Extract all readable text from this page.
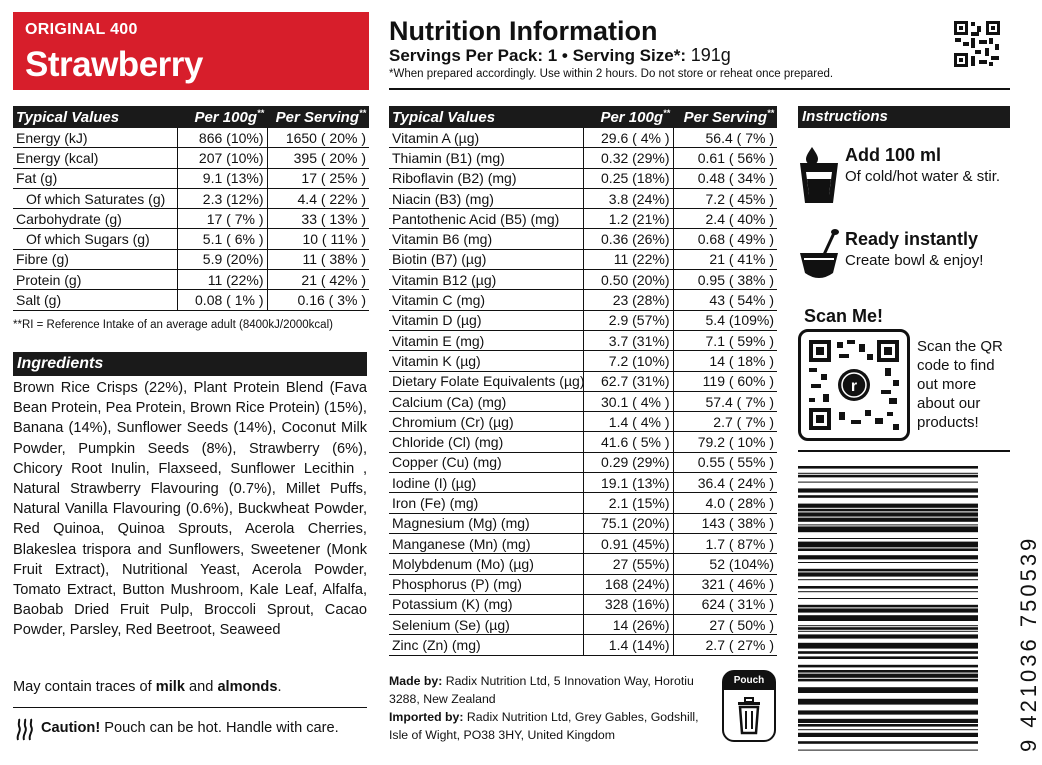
ORIGINAL 400
Strawberry
Nutrition Information
Servings Per Pack: 1 • Serving Size*: 191g
*When prepared accordingly. Use within 2 hours. Do not store or reheat once prepared.
Typical Values	Per 100g**	Per Serving**
Energy (kJ)	866 (10%)	1650 ( 20% )
Energy (kcal)	207 (10%)	395 ( 20% )
Fat (g)	9.1 (13%)	17 ( 25% )
Of which Saturates (g)	2.3 (12%)	4.4 ( 22% )
Carbohydrate (g)	17 ( 7% )	33 ( 13% )
Of which Sugars (g)	5.1 ( 6% )	10 ( 11% )
Fibre (g)	5.9 (20%)	11 ( 38% )
Protein (g)	11 (22%)	21 ( 42% )
Salt (g)	0.08 ( 1% )	0.16 ( 3% )
**RI = Reference Intake of an average adult (8400kJ/2000kcal)
Ingredients
Brown Rice Crisps (22%), Plant Protein Blend (Fava Bean Protein, Pea Protein, Brown Rice Protein) (15%), Banana (14%), Sunflower Seeds (14%), Coconut Milk Powder, Pumpkin Seeds (8%), Strawberry (6%), Chicory Root Inulin, Flaxseed, Sunflower Lecithin , Natural Strawberry Flavouring (0.7%), Millet Puffs, Natural Vanilla Flavouring (0.6%), Buckwheat Powder, Red Quinoa, Quinoa Sprouts, Acerola Cherries, Blakeslea trispora and Sunflowers, Sweetener (Monk Fruit Extract), Nutritional Yeast, Acerola Powder, Tomato Extract, Button Mushroom, Kale Leaf, Alfalfa, Baobab Dried Fruit Pulp, Broccoli Sprout, Cacao Powder, Parsley, Red Beetroot, Seaweed
May contain traces of milk and almonds.
Caution! Pouch can be hot. Handle with care.
Typical Values	Per 100g**	Per Serving**
Vitamin A (µg)	29.6 ( 4% )	56.4 ( 7% )
Thiamin (B1) (mg)	0.32 (29%)	0.61 ( 56% )
Riboflavin (B2) (mg)	0.25 (18%)	0.48 ( 34% )
Niacin (B3) (mg)	3.8 (24%)	7.2 ( 45% )
Pantothenic Acid (B5) (mg)	1.2 (21%)	2.4 ( 40% )
Vitamin B6 (mg)	0.36 (26%)	0.68 ( 49% )
Biotin (B7) (µg)	11 (22%)	21 ( 41% )
Vitamin B12 (µg)	0.50 (20%)	0.95 ( 38% )
Vitamin C (mg)	23 (28%)	43 ( 54% )
Vitamin D (µg)	2.9 (57%)	5.4 (109%)
Vitamin E (mg)	3.7 (31%)	7.1 ( 59% )
Vitamin K (µg)	7.2 (10%)	14 ( 18% )
Dietary Folate Equivalents (µg)	62.7 (31%)	119 ( 60% )
Calcium (Ca) (mg)	30.1 ( 4% )	57.4 ( 7% )
Chromium (Cr) (µg)	1.4 ( 4% )	2.7 ( 7% )
Chloride (Cl) (mg)	41.6 ( 5% )	79.2 ( 10% )
Copper (Cu) (mg)	0.29 (29%)	0.55 ( 55% )
Iodine (I) (µg)	19.1 (13%)	36.4 ( 24% )
Iron (Fe) (mg)	2.1 (15%)	4.0 ( 28% )
Magnesium (Mg) (mg)	75.1 (20%)	143 ( 38% )
Manganese (Mn) (mg)	0.91 (45%)	1.7 ( 87% )
Molybdenum (Mo) (µg)	27 (55%)	52 (104%)
Phosphorus (P) (mg)	168 (24%)	321 ( 46% )
Potassium (K) (mg)	328 (16%)	624 ( 31% )
Selenium (Se) (µg)	14 (26%)	27 ( 50% )
Zinc (Zn) (mg)	1.4 (14%)	2.7 ( 27% )
Made by: Radix Nutrition Ltd, 5 Innovation Way, Horotiu 3288, New Zealand
Imported by: Radix Nutrition Ltd, Grey Gables, Godshill, Isle of Wight, PO38 3HY, United Kingdom
Pouch
Instructions
Add 100 ml
Of cold/hot water & stir.
Ready instantly
Create bowl & enjoy!
Scan Me!
r
Scan the QR code to find out more about our products!
9 421036 750539
